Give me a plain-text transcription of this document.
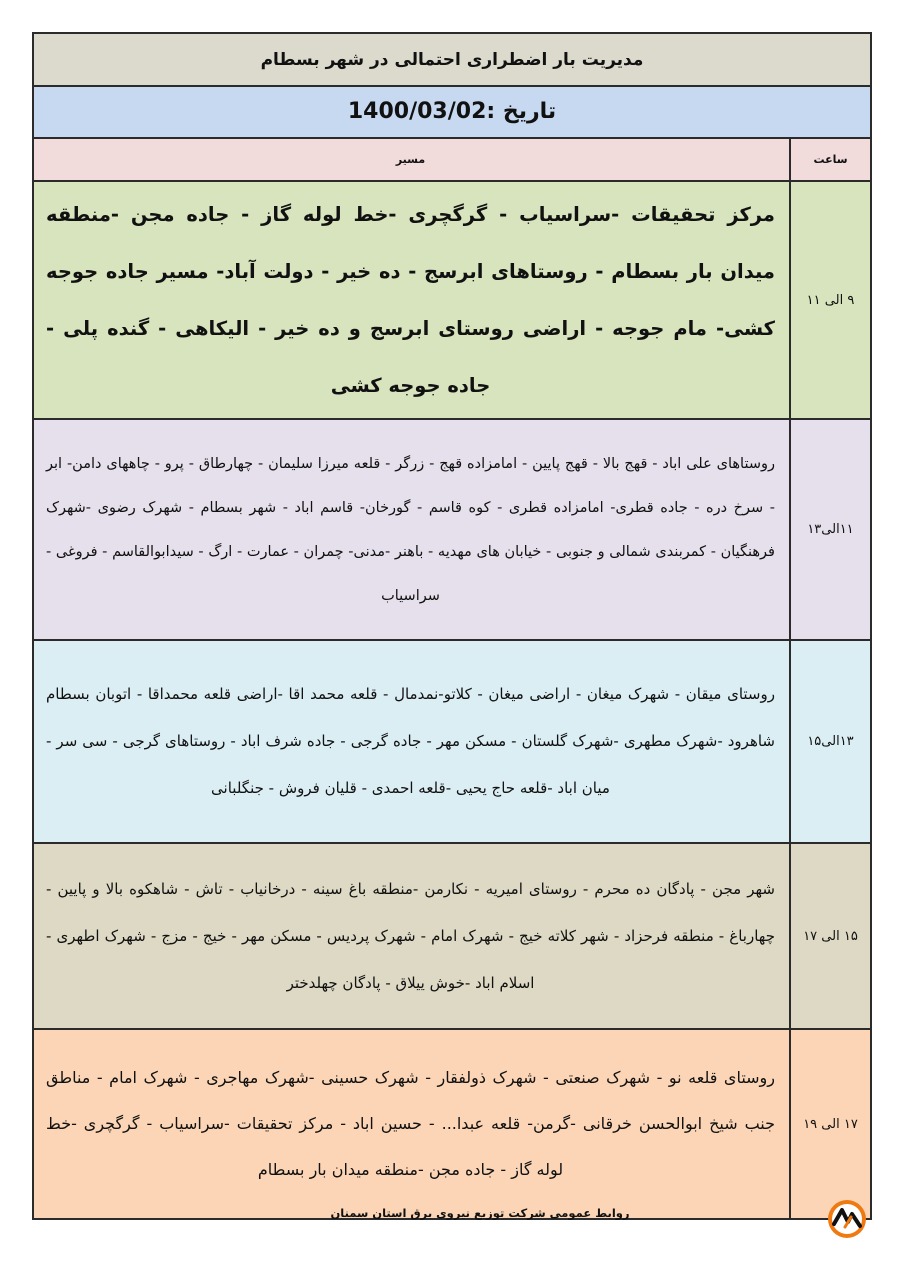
مدیریت بار اضطراری احتمالی در شهر بسطام
تاریخ :1400/03/02
ساعت	مسیر
۹ الی ۱۱	مرکز تحقیقات -سراسیاب - گرگچری -خط لوله گاز - جاده مجن -منطقه میدان بار بسطام - روستاهای ابرسج - ده خیر - دولت آباد- مسیر جاده جوجه کشی- مام جوجه - اراضی روستای ابرسج و ده خیر - الیکاهی - گنده پلی - جاده جوجه کشی
۱۱الی۱۳	روستاهای علی اباد - قهج بالا - قهج پایین - امامزاده قهج - زرگر - قلعه میرزا سلیمان - چهارطاق - پرو - چاههای دامن- ابر - سرخ دره - جاده قطری- امامزاده قطری - کوه قاسم - گورخان- قاسم اباد - شهر بسطام - شهرک رضوی -شهرک فرهنگیان - کمربندی شمالی و جنوبی - خیابان های مهدیه - باهنر -مدنی- چمران - عمارت - ارگ - سیدابوالقاسم - فروغی - سراسیاب
۱۳الی۱۵	روستای میقان - شهرک میغان - اراضی میغان - کلاتو-نمدمال - قلعه محمد اقا -اراضی قلعه محمداقا - اتوبان بسطام شاهرود -شهرک مطهری -شهرک گلستان - مسکن مهر - جاده گرجی - جاده شرف اباد - روستاهای گرجی - سی سر - میان اباد -قلعه حاج یحیی -قلعه احمدی - قلیان فروش - جنگلبانی
۱۵ الی ۱۷	شهر مجن - پادگان ده محرم - روستای امیریه - نکارمن -منطقه باغ سینه - درخانیاب - تاش - شاهکوه بالا و پایین - چهارباغ - منطقه فرحزاد - شهر کلاته خیج - شهرک امام - شهرک پردیس - مسکن مهر - خیج - مزج - شهرک اطهری - اسلام اباد -خوش ییلاق - پادگان چهلدختر
۱۷ الی ۱۹	روستای قلعه نو - شهرک صنعتی - شهرک ذولفقار - شهرک حسینی -شهرک مهاجری - شهرک امام - مناطق جنب شیخ ابوالحسن خرقانی -گرمن- قلعه عبدا... - حسین اباد - مرکز تحقیقات -سراسیاب - گرگچری -خط لوله گاز - جاده مجن -منطقه میدان بار بسطام
روابط عمومی شرکت توزیع نیروی برق استان سمنان
